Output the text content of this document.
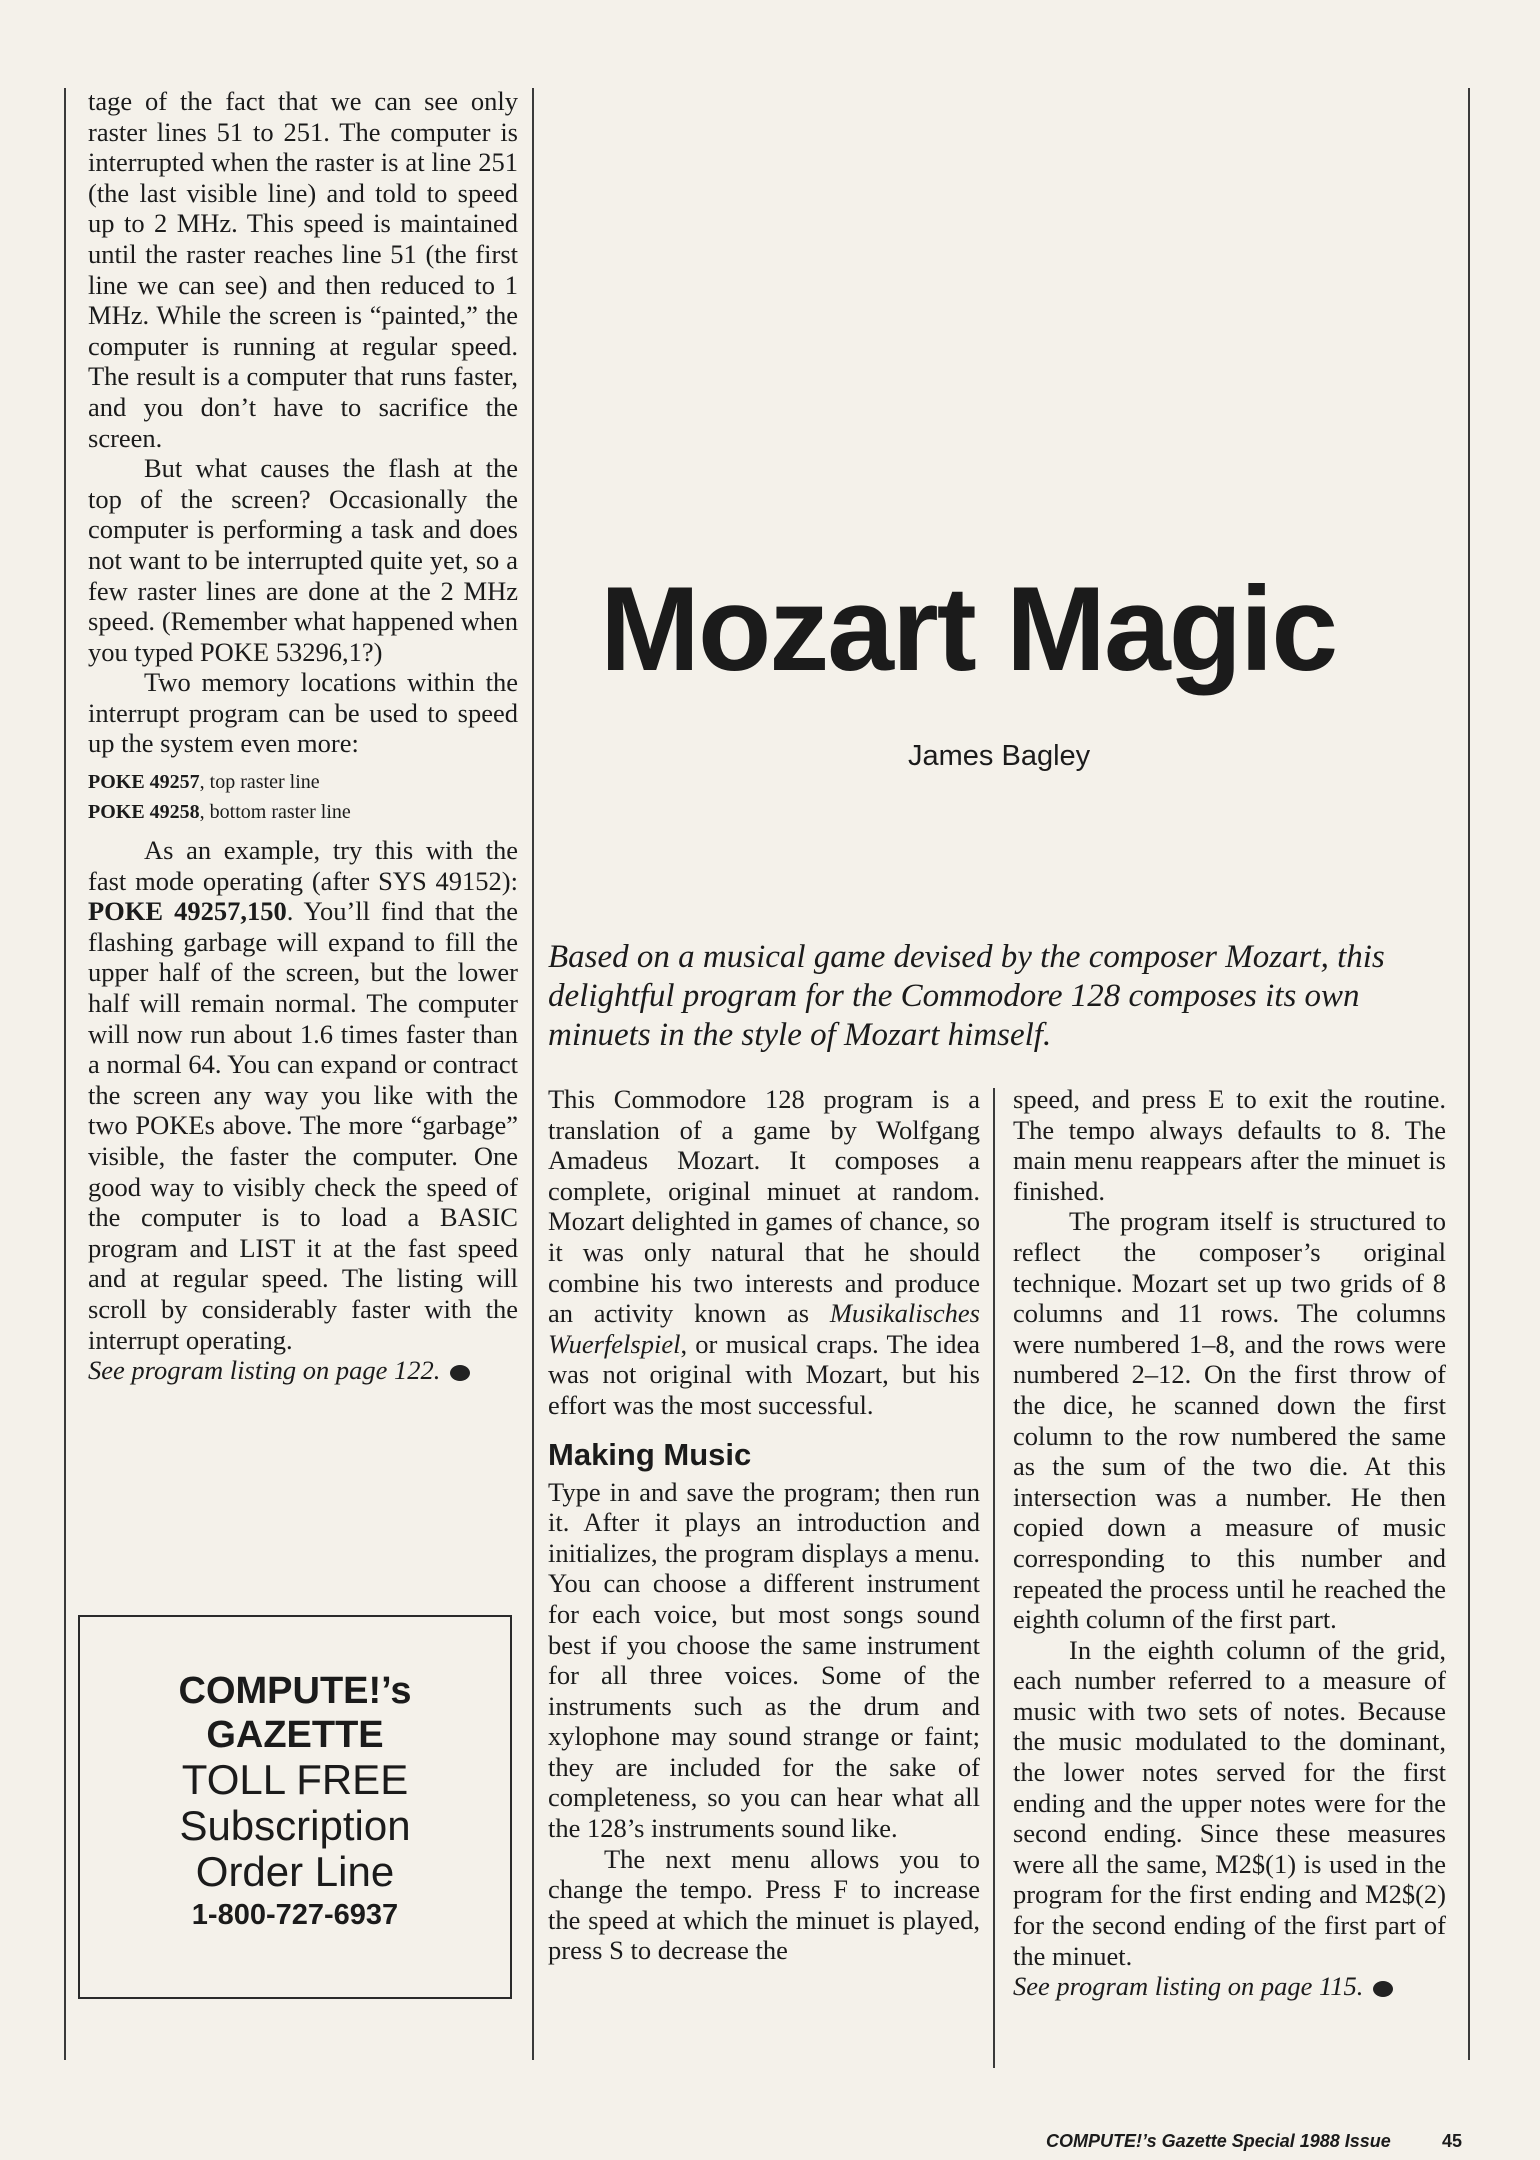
tage of the fact that we can see only raster lines 51 to 251. The computer is interrupted when the raster is at line 251 (the last visible line) and told to speed up to 2 MHz. This speed is maintained until the raster reaches line 51 (the first line we can see) and then reduced to 1 MHz. While the screen is “painted,” the computer is running at regular speed. The result is a computer that runs faster, and you don’t have to sacrifice the screen.

But what causes the flash at the top of the screen? Occasionally the computer is performing a task and does not want to be interrupted quite yet, so a few raster lines are done at the 2 MHz speed. (Remember what happened when you typed POKE 53296,1?)

Two memory locations within the interrupt program can be used to speed up the system even more:

POKE 49257, top raster line
POKE 49258, bottom raster line

As an example, try this with the fast mode operating (after SYS 49152): POKE 49257,150. You’ll find that the flashing garbage will expand to fill the upper half of the screen, but the lower half will remain normal. The computer will now run about 1.6 times faster than a normal 64. You can expand or contract the screen any way you like with the two POKEs above. The more “garbage” visible, the faster the computer. One good way to visibly check the speed of the computer is to load a BASIC program and LIST it at the fast speed and at regular speed. The listing will scroll by considerably faster with the interrupt operating.

See program listing on page 122.

COMPUTE!’s
GAZETTE
TOLL FREE
Subscription
Order Line
1-800-727-6937
Mozart Magic
James Bagley
Based on a musical game devised by the composer Mozart, this delightful program for the Commodore 128 composes its own minuets in the style of Mozart himself.

This Commodore 128 program is a translation of a game by Wolfgang Amadeus Mozart. It composes a complete, original minuet at random. Mozart delighted in games of chance, so it was only natural that he should combine his two interests and produce an activity known as Musikalisches Wuerfelspiel, or musical craps. The idea was not original with Mozart, but his effort was the most successful.

Making Music

Type in and save the program; then run it. After it plays an introduction and initializes, the program displays a menu. You can choose a different instrument for each voice, but most songs sound best if you choose the same instrument for all three voices. Some of the instruments such as the drum and xylophone may sound strange or faint; they are included for the sake of completeness, so you can hear what all the 128’s instruments sound like.

The next menu allows you to change the tempo. Press F to increase the speed at which the minuet is played, press S to decrease the

speed, and press E to exit the routine. The tempo always defaults to 8. The main menu reappears after the minuet is finished.

The program itself is structured to reflect the composer’s original technique. Mozart set up two grids of 8 columns and 11 rows. The columns were numbered 1–8, and the rows were numbered 2–12. On the first throw of the dice, he scanned down the first column to the row numbered the same as the sum of the two die. At this intersection was a number. He then copied down a measure of music corresponding to this number and repeated the process until he reached the eighth column of the first part.

In the eighth column of the grid, each number referred to a measure of music with two sets of notes. Because the music modulated to the dominant, the lower notes served for the first ending and the upper notes were for the second ending. Since these measures were all the same, M2$(1) is used in the program for the first ending and M2$(2) for the second ending of the first part of the minuet.

See program listing on page 115.

COMPUTE!’s Gazette Special 1988 Issue	45
